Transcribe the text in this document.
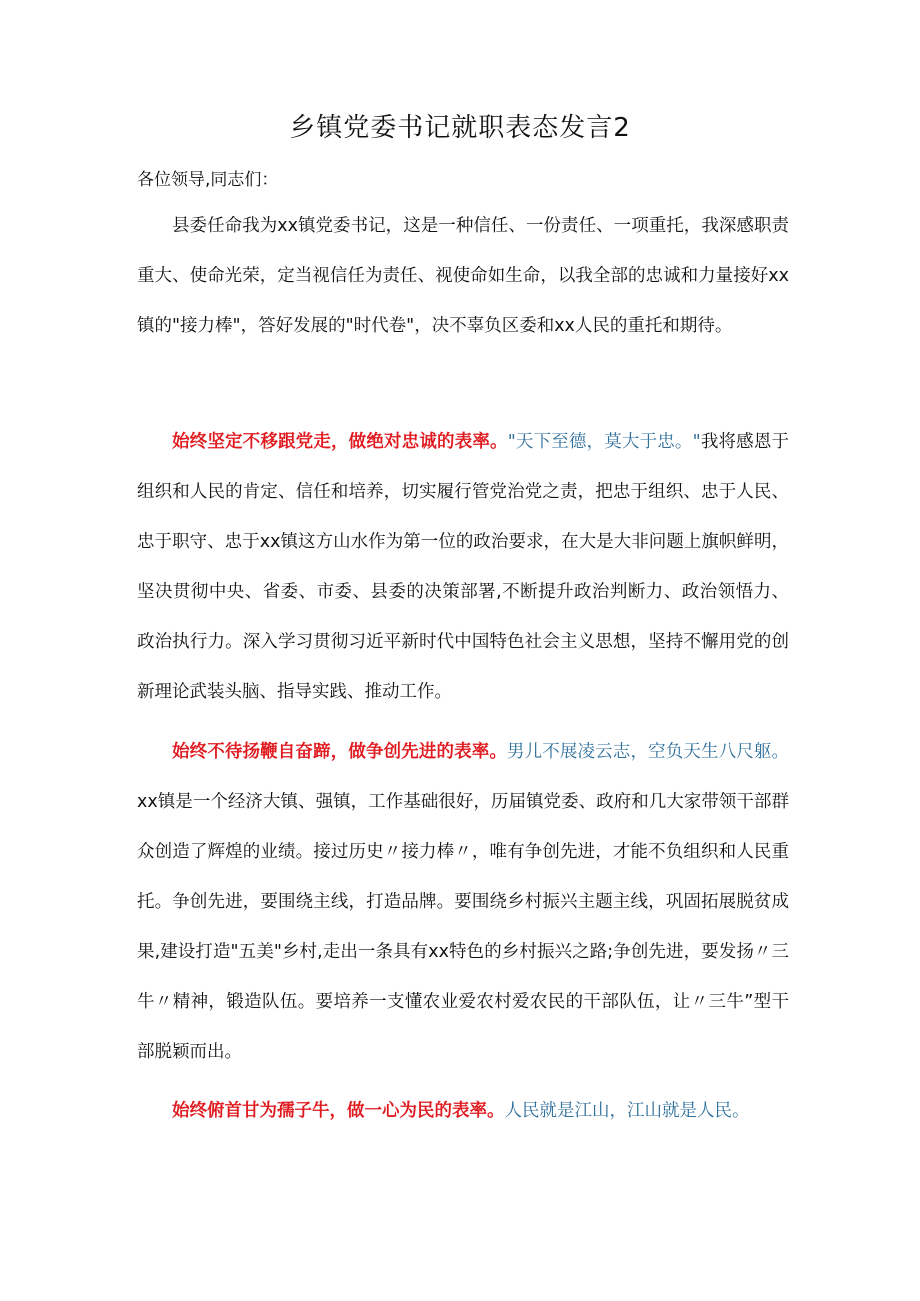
乡镇党委书记就职表态发言2
各位领导,同志们：

县委任命我为xx镇党委书记，这是一种信任、一份责任、一项重托，我深感职责重大、使命光荣，定当视信任为责任、视使命如生命，以我全部的忠诚和力量接好xx镇的"接力棒"，答好发展的"时代卷"，决不辜负区委和xx人民的重托和期待。

始终坚定不移跟党走，做绝对忠诚的表率。"天下至德，莫大于忠。"我将感恩于组织和人民的肯定、信任和培养，切实履行管党治党之责，把忠于组织、忠于人民、忠于职守、忠于xx镇这方山水作为第一位的政治要求，在大是大非问题上旗帜鲜明，坚决贯彻中央、省委、市委、县委的决策部署,不断提升政治判断力、政治领悟力、政治执行力。深入学习贯彻习近平新时代中国特色社会主义思想，坚持不懈用党的创新理论武装头脑、指导实践、推动工作。

始终不待扬鞭自奋蹄，做争创先进的表率。男儿不展凌云志，空负天生八尺躯。xx镇是一个经济大镇、强镇，工作基础很好，历届镇党委、政府和几大家带领干部群众创造了辉煌的业绩。接过历史〃接力棒〃，唯有争创先进，才能不负组织和人民重托。争创先进，要围绕主线，打造品牌。要围绕乡村振兴主题主线，巩固拓展脱贫成果,建设打造"五美"乡村,走出一条具有xx特色的乡村振兴之路;争创先进，要发扬〃三牛〃精神，锻造队伍。要培养一支懂农业爱农村爱农民的干部队伍，让〃三牛”型干部脱颖而出。

始终俯首甘为孺子牛，做一心为民的表率。人民就是江山，江山就是人民。
